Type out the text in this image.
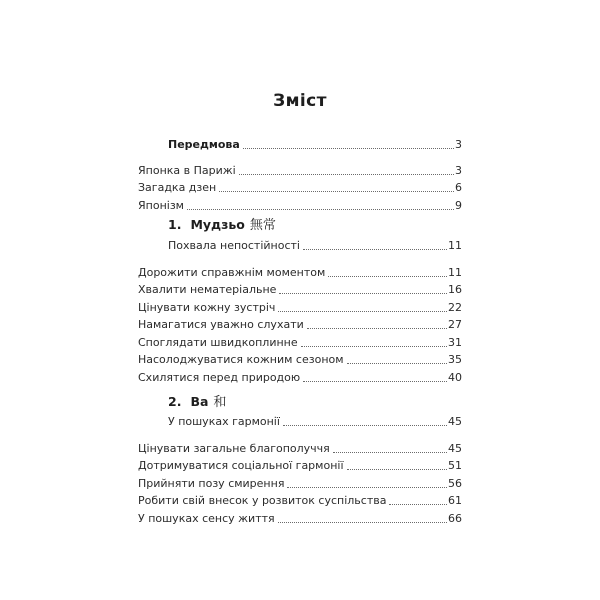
Зміст
Передмова	3
Японка в Парижі	3
Загадка дзен	6
Японізм	9
1. Мудзьо 無常
Похвала непостійності	11
Дорожити справжнім моментом	11
Хвалити нематеріальне	16
Цінувати кожну зустріч	22
Намагатися уважно слухати	27
Споглядати швидкоплинне	31
Насолоджуватися кожним сезоном	35
Схилятися перед природою	40
2. Ва 和
У пошуках гармонії	45
Цінувати загальне благополуччя	45
Дотримуватися соціальної гармонії	51
Прийняти позу смирення	56
Робити свій внесок у розвиток суспільства	61
У пошуках сенсу життя	66
